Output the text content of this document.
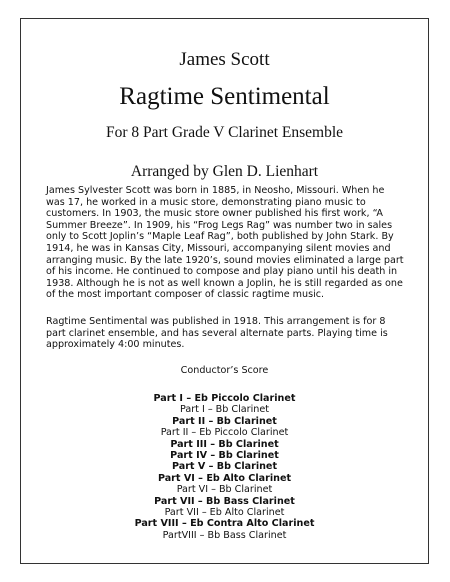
James Scott
Ragtime Sentimental
For 8 Part Grade V Clarinet Ensemble
Arranged by Glen D. Lienhart

James Sylvester Scott was born in 1885, in Neosho, Missouri. When he was 17, he worked in a music store, demonstrating piano music to customers. In 1903, the music store owner published his first work, “A Summer Breeze”. In 1909, his “Frog Legs Rag” was number two in sales only to Scott Joplin’s “Maple Leaf Rag”, both published by John Stark. By 1914, he was in Kansas City, Missouri, accompanying silent movies and arranging music. By the late 1920’s, sound movies eliminated a large part of his income. He continued to compose and play piano until his death in 1938. Although he is not as well known a Joplin, he is still regarded as one of the most important composer of classic ragtime music.

Ragtime Sentimental was published in 1918. This arrangement is for 8 part clarinet ensemble, and has several alternate parts. Playing time is approximately 4:00 minutes.

Conductor’s Score
Part I – Eb Piccolo Clarinet
Part I – Bb Clarinet
Part II – Bb Clarinet
Part II – Eb Piccolo Clarinet
Part III – Bb Clarinet
Part IV – Bb Clarinet
Part V – Bb Clarinet
Part VI – Eb Alto Clarinet
Part VI – Bb Clarinet
Part VII – Bb Bass Clarinet
Part VII – Eb Alto Clarinet
Part VIII – Eb Contra Alto Clarinet
PartVIII – Bb Bass Clarinet
